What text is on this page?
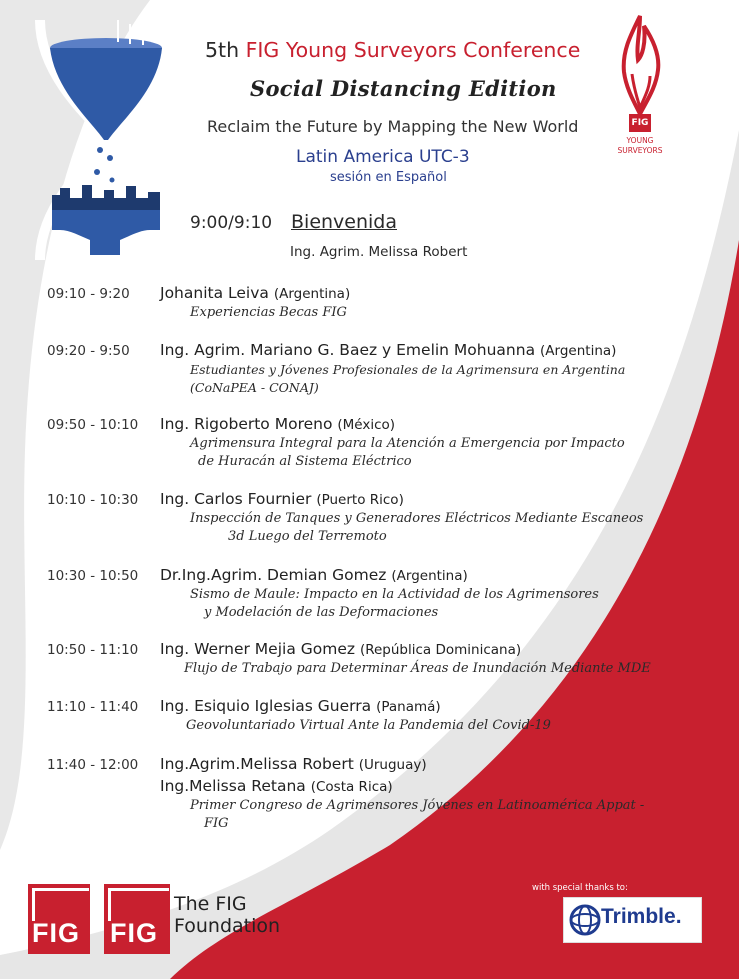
5th FIG Young Surveyors Conference
Social Distancing Edition
Reclaim the Future by Mapping the New World
Latin America UTC-3
sesión en Español
FIG
YOUNG
SURVEYORS
9:00/9:10 Bienvenida
Ing. Agrim. Melissa Robert
09:10 - 9:20 Johanita Leiva (Argentina)
Experiencias Becas FIG
09:20 - 9:50 Ing. Agrim. Mariano G. Baez y Emelin Mohuanna (Argentina)
Estudiantes y Jóvenes Profesionales de la Agrimensura en Argentina
(CoNaPEA - CONAJ)
09:50 - 10:10 Ing. Rigoberto Moreno (México)
Agrimensura Integral para la Atención a Emergencia por Impacto
de Huracán al Sistema Eléctrico
10:10 - 10:30 Ing. Carlos Fournier (Puerto Rico)
Inspección de Tanques y Generadores Eléctricos Mediante Escaneos
3d Luego del Terremoto
10:30 - 10:50 Dr.Ing.Agrim. Demian Gomez (Argentina)
Sismo de Maule: Impacto en la Actividad de los Agrimensores
y Modelación de las Deformaciones
10:50 - 11:10 Ing. Werner Mejia Gomez (República Dominicana)
Flujo de Trabajo para Determinar Áreas de Inundación Mediante MDE
11:10 - 11:40 Ing. Esiquio Iglesias Guerra (Panamá)
Geovoluntariado Virtual Ante la Pandemia del Covid-19
11:40 - 12:00 Ing.Agrim.Melissa Robert (Uruguay)
Ing.Melissa Retana (Costa Rica)
Primer Congreso de Agrimensores Jóvenes en Latinoamérica Appat -
FIG
FIG FIG
The FIG
Foundation
with special thanks to:
Trimble.
